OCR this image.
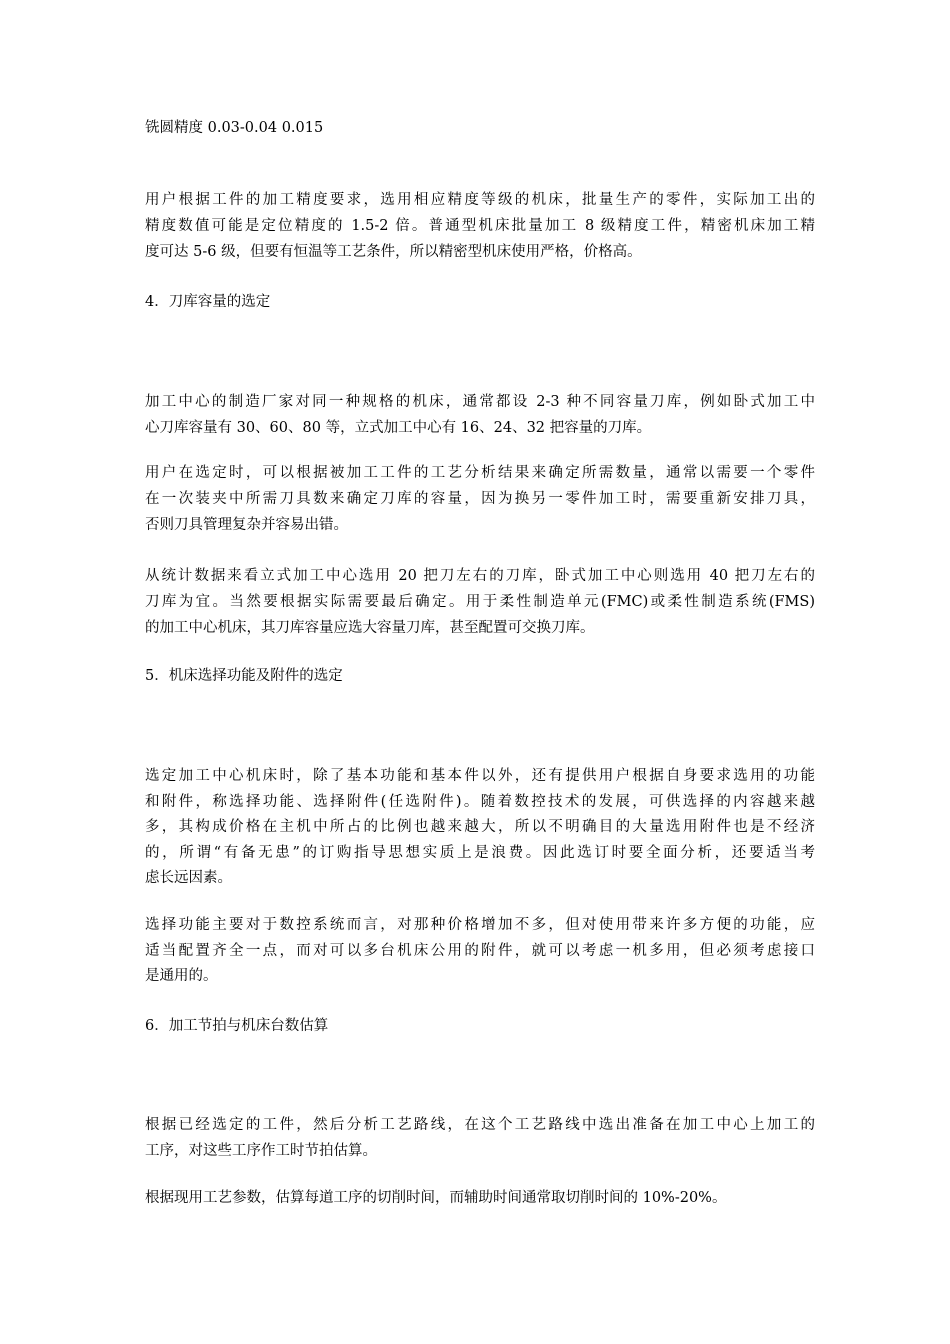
铣圆精度 0.03-0.04 0.015
用户根据工件的加工精度要求，选用相应精度等级的机床，批量生产的零件，实际加工出的
精度数值可能是定位精度的 1.5-2 倍。普通型机床批量加工 8 级精度工件，精密机床加工精
度可达 5-6 级，但要有恒温等工艺条件，所以精密型机床使用严格，价格高。
4．刀库容量的选定
加工中心的制造厂家对同一种规格的机床，通常都设 2-3 种不同容量刀库，例如卧式加工中
心刀库容量有 30、60、80 等，立式加工中心有 16、24、32 把容量的刀库。
用户在选定时，可以根据被加工工件的工艺分析结果来确定所需数量，通常以需要一个零件
在一次装夹中所需刀具数来确定刀库的容量，因为换另一零件加工时，需要重新安排刀具，
否则刀具管理复杂并容易出错。
从统计数据来看立式加工中心选用 20 把刀左右的刀库，卧式加工中心则选用 40 把刀左右的
刀库为宜。当然要根据实际需要最后确定。用于柔性制造单元(FMC)或柔性制造系统(FMS)
的加工中心机床，其刀库容量应选大容量刀库，甚至配置可交换刀库。
5．机床选择功能及附件的选定
选定加工中心机床时，除了基本功能和基本件以外，还有提供用户根据自身要求选用的功能
和附件，称选择功能、选择附件(任选附件)。随着数控技术的发展，可供选择的内容越来越
多，其构成价格在主机中所占的比例也越来越大，所以不明确目的大量选用附件也是不经济
的，所谓“有备无患”的订购指导思想实质上是浪费。因此选订时要全面分析，还要适当考
虑长远因素。
选择功能主要对于数控系统而言，对那种价格增加不多，但对使用带来许多方便的功能，应
适当配置齐全一点，而对可以多台机床公用的附件，就可以考虑一机多用，但必须考虑接口
是通用的。
6．加工节拍与机床台数估算
根据已经选定的工件，然后分析工艺路线，在这个工艺路线中选出准备在加工中心上加工的
工序，对这些工序作工时节拍估算。
根据现用工艺参数，估算每道工序的切削时间，而辅助时间通常取切削时间的 10%-20%。
